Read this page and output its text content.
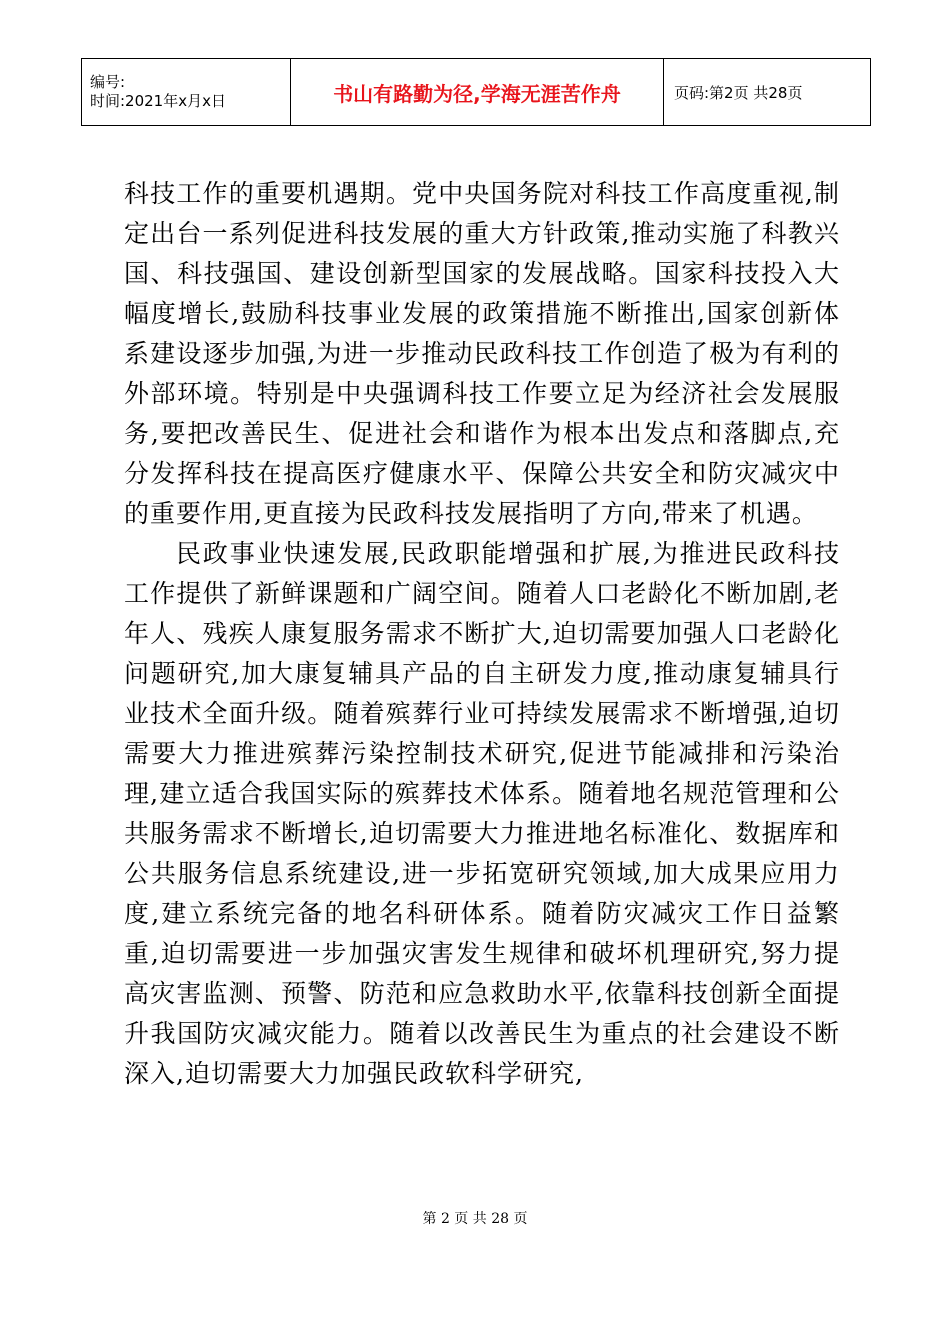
编号:
时间:2021年x月x日	书山有路勤为径,学海无涯苦作舟	页码:第2页 共28页

科技工作的重要机遇期。党中央国务院对科技工作高度重视,制定出台一系列促进科技发展的重大方针政策,推动实施了科教兴国、科技强国、建设创新型国家的发展战略。国家科技投入大幅度增长,鼓励科技事业发展的政策措施不断推出,国家创新体系建设逐步加强,为进一步推动民政科技工作创造了极为有利的外部环境。特别是中央强调科技工作要立足为经济社会发展服务,要把改善民生、促进社会和谐作为根本出发点和落脚点,充分发挥科技在提高医疗健康水平、保障公共安全和防灾减灾中的重要作用,更直接为民政科技发展指明了方向,带来了机遇。

民政事业快速发展,民政职能增强和扩展,为推进民政科技工作提供了新鲜课题和广阔空间。随着人口老龄化不断加剧,老年人、残疾人康复服务需求不断扩大,迫切需要加强人口老龄化问题研究,加大康复辅具产品的自主研发力度,推动康复辅具行业技术全面升级。随着殡葬行业可持续发展需求不断增强,迫切需要大力推进殡葬污染控制技术研究,促进节能减排和污染治理,建立适合我国实际的殡葬技术体系。随着地名规范管理和公共服务需求不断增长,迫切需要大力推进地名标准化、数据库和公共服务信息系统建设,进一步拓宽研究领域,加大成果应用力度,建立系统完备的地名科研体系。随着防灾减灾工作日益繁重,迫切需要进一步加强灾害发生规律和破坏机理研究,努力提高灾害监测、预警、防范和应急救助水平,依靠科技创新全面提升我国防灾减灾能力。随着以改善民生为重点的社会建设不断深入,迫切需要大力加强民政软科学研究,

第 2 页 共 28 页
